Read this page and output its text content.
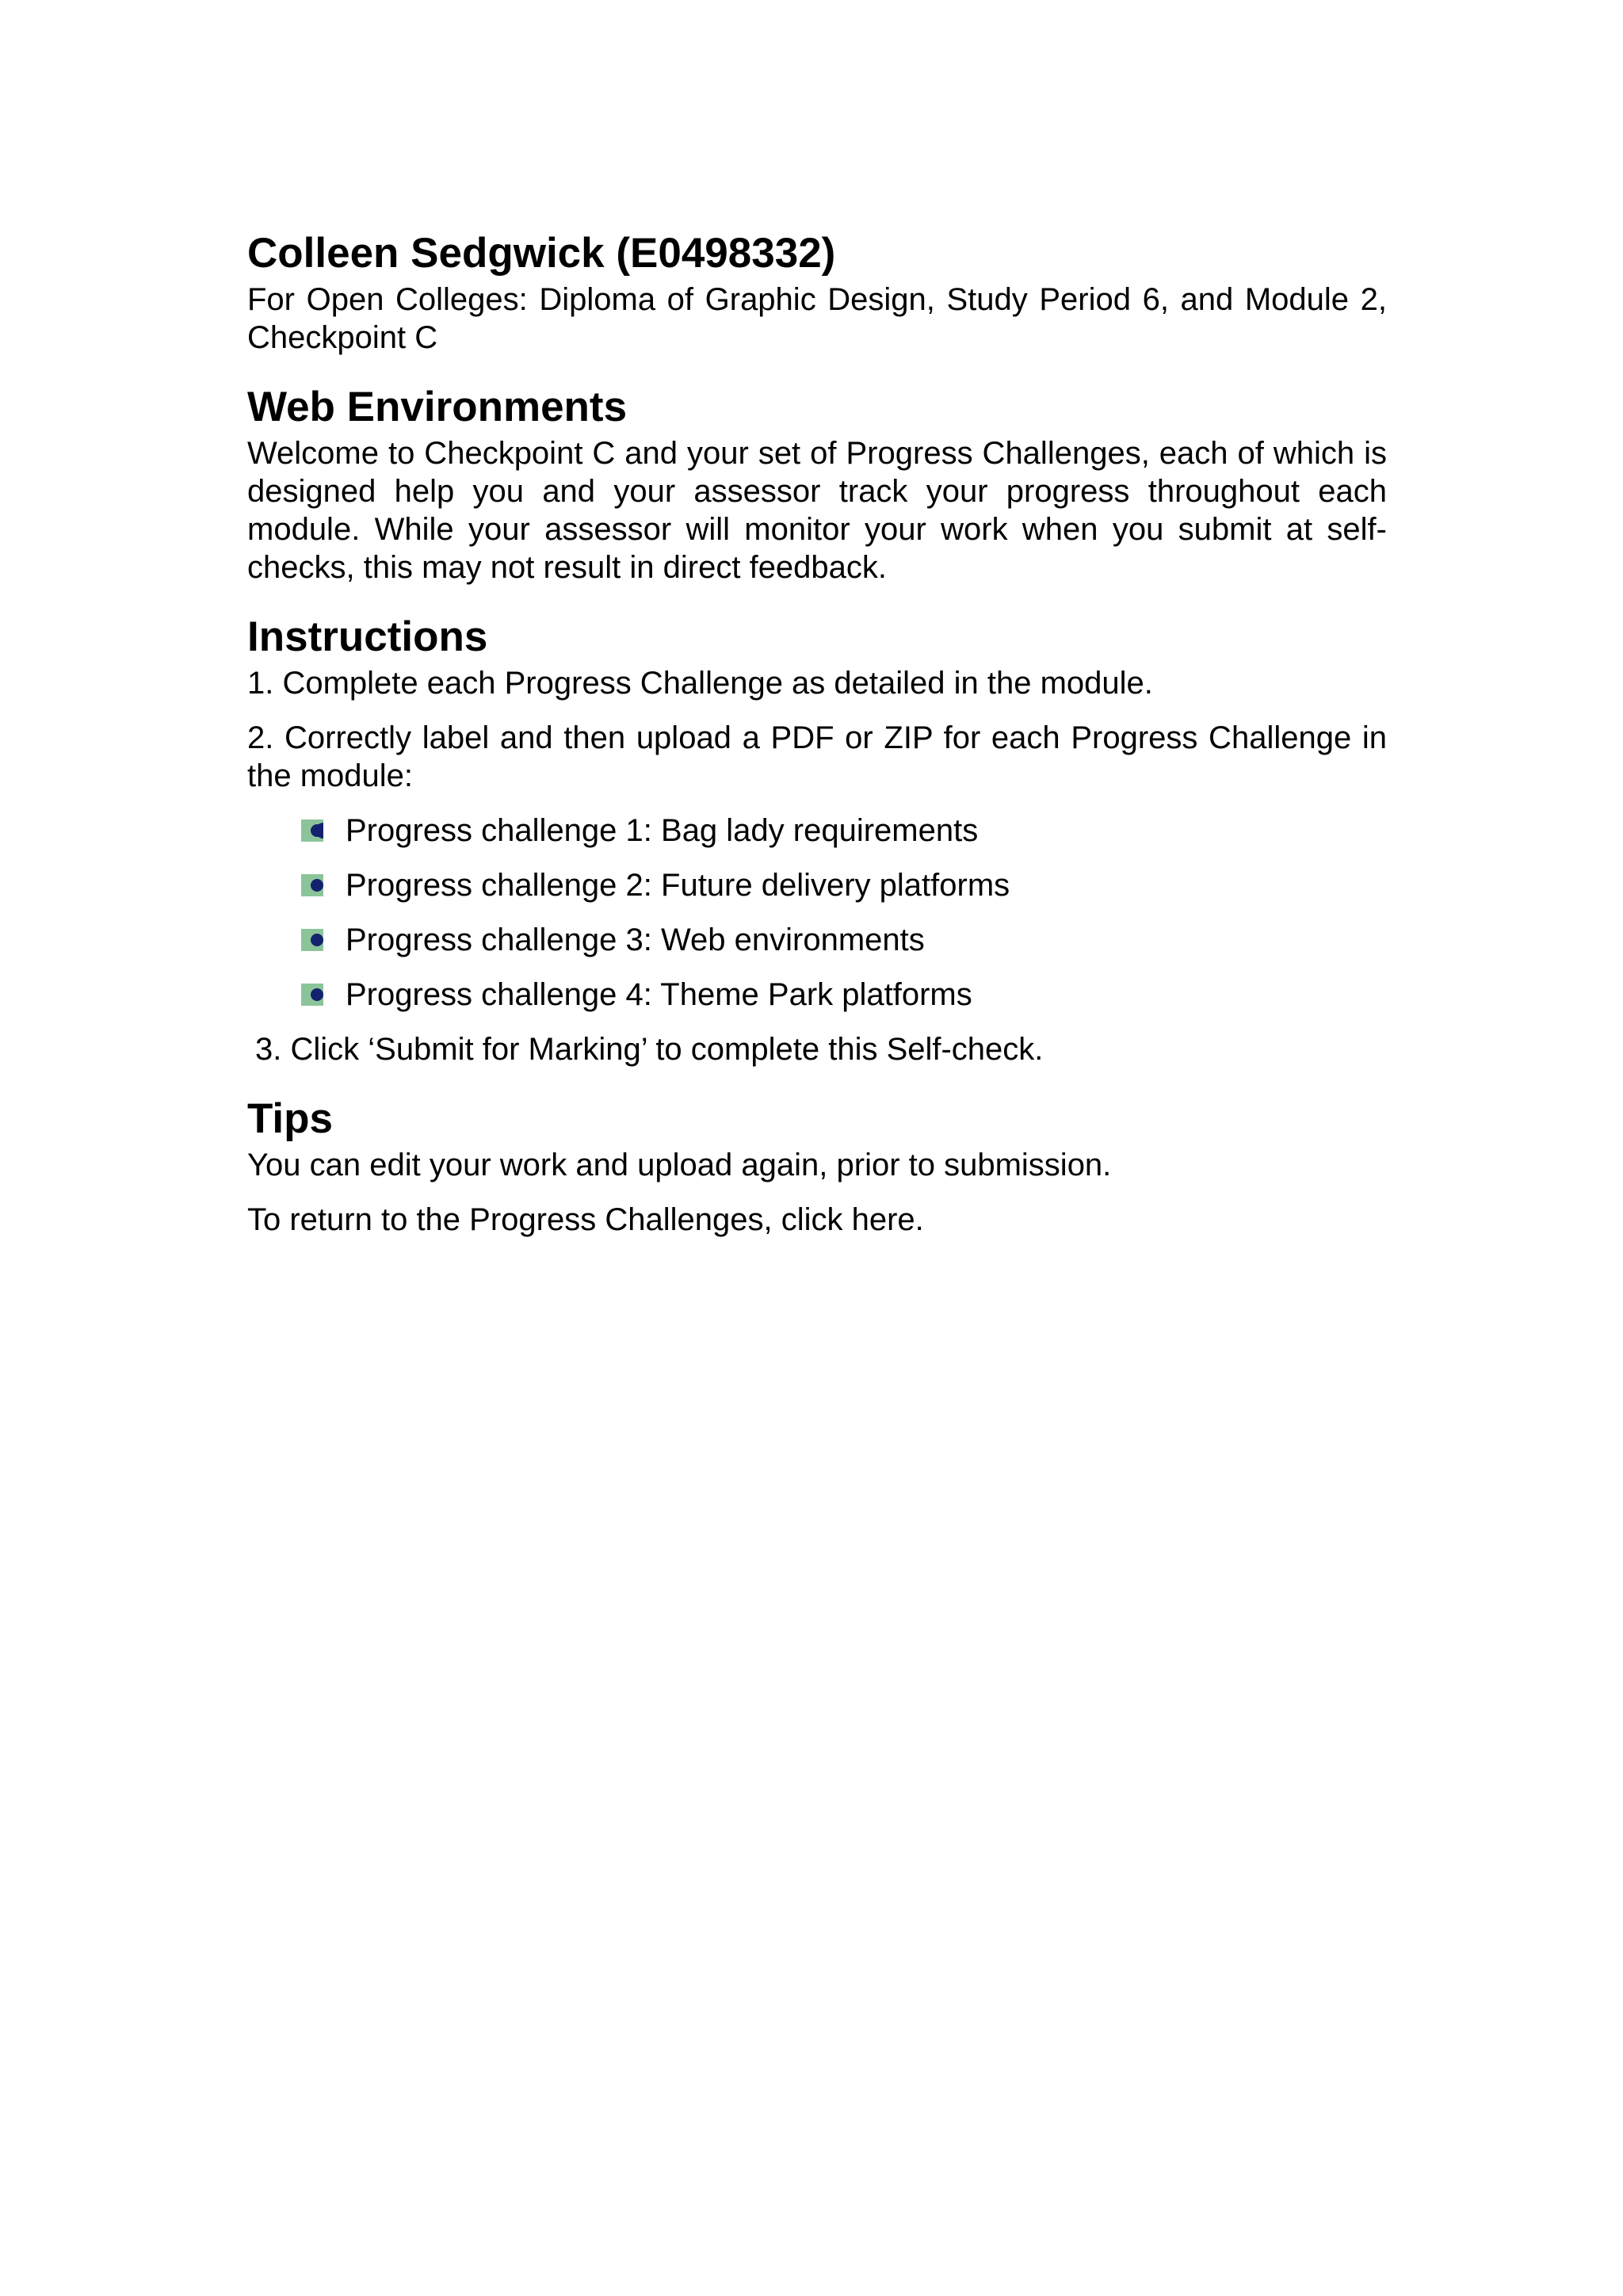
Colleen Sedgwick (E0498332)

For Open Colleges: Diploma of Graphic Design, Study Period 6, and Module 2, Checkpoint C

Web Environments

Welcome to Checkpoint C and your set of Progress Challenges, each of which is designed help you and your assessor track your progress throughout each module. While your assessor will monitor your work when you submit at self-checks, this may not result in direct feedback.

Instructions

1. Complete each Progress Challenge as detailed in the module.

2. Correctly label and then upload a PDF or ZIP for each Progress Challenge in the module:

Progress challenge 1: Bag lady requirements
Progress challenge 2: Future delivery platforms
Progress challenge 3: Web environments
Progress challenge 4: Theme Park platforms

3. Click ‘Submit for Marking’ to complete this Self-check.

Tips

You can edit your work and upload again, prior to submission.

To return to the Progress Challenges, click here.
